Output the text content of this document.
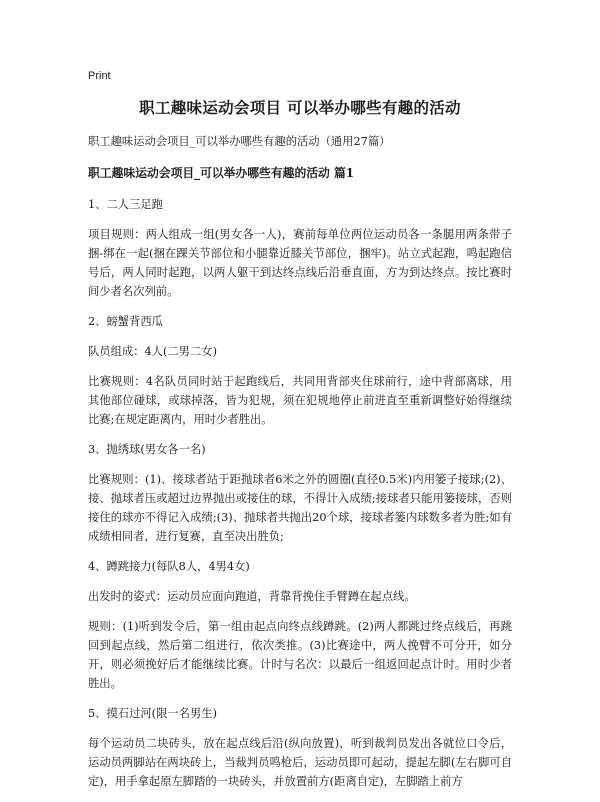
Print
职工趣味运动会项目 可以举办哪些有趣的活动

职工趣味运动会项目_可以举办哪些有趣的活动（通用27篇）

职工趣味运动会项目_可以举办哪些有趣的活动 篇1

1、二人三足跑

项目规则：两人组成一组(男女各一人)，赛前每单位两位运动员各一条腿用两条带子捆-绑在一起(捆在踝关节部位和小腿靠近膝关节部位，捆牢)。站立式起跑，鸣起跑信号后，两人同时起跑，以两人躯干到达终点线后沿垂直面，方为到达终点。按比赛时间少者名次列前。

2、螃蟹背西瓜

队员组成：4人(二男二女)

比赛规则：4名队员同时站于起跑线后，共同用背部夹住球前行，途中背部离球，用其他部位碰球，或球掉落，皆为犯规，须在犯规地停止前进直至重新调整好始得继续比赛;在规定距离内，用时少者胜出。

3、抛绣球(男女各一名)

比赛规则：(1)、接球者站于距抛球者6米之外的圆圈(直径0.5米)内用篓子接球;(2)、接、抛球者压或超过边界抛出或接住的球，不得计入成绩;接球者只能用篓接球，否则接住的球亦不得记入成绩;(3)、抛球者共抛出20个球，接球者篓内球数多者为胜;如有成绩相同者，进行复赛，直至决出胜负;

4、蹲跳接力(每队8人，4男4女)

出发时的姿式：运动员应面向跑道，背靠背挽住手臂蹲在起点线。

规则：(1)听到发令后，第一组由起点向终点线蹲跳。(2)两人都跳过终点线后，再跳回到起点线，然后第二组进行，依次类推。(3)比赛途中，两人挽臂不可分开，如分开，则必须挽好后才能继续比赛。计时与名次：以最后一组返回起点计时。用时少者胜出。

5、摸石过河(限一名男生)

每个运动员二块砖头，放在起点线后沿(纵向放置)，听到裁判员发出各就位口令后，运动员两脚站在两块砖上，当裁判员鸣枪后，运动员即可起动，提起左脚(左右脚可自定)，用手拿起原左脚踏的一块砖头，并放置前方(距离自定)，左脚踏上前方
